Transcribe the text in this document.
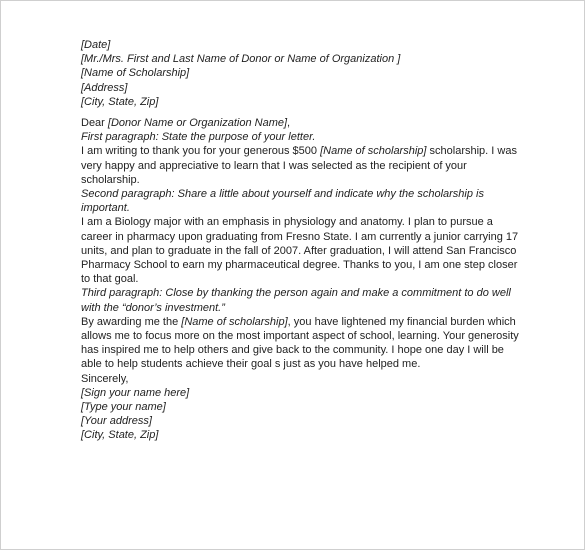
[Date]

[Mr./Mrs. First and Last Name of Donor or Name of Organization ]

[Name of Scholarship]

[Address]

[City, State, Zip]

Dear [Donor Name or Organization Name],

First paragraph: State the purpose of your letter.

I am writing to thank you for your generous $500 [Name of scholarship] scholarship. I was very happy and appreciative to learn that I was selected as the recipient of your scholarship.

Second paragraph: Share a little about yourself and indicate why the scholarship is important.

I am a Biology major with an emphasis in physiology and anatomy. I plan to pursue a career in pharmacy upon graduating from Fresno State. I am currently a junior carrying 17 units, and plan to graduate in the fall of 2007. After graduation, I will attend San Francisco Pharmacy School to earn my pharmaceutical degree. Thanks to you, I am one step closer to that goal.

Third paragraph: Close by thanking the person again and make a commitment to do well with the “donor’s investment.”

By awarding me the [Name of scholarship], you have lightened my financial burden which allows me to focus more on the most important aspect of school, learning. Your generosity has inspired me to help others and give back to the community. I hope one day I will be able to help students achieve their goal s just as you have helped me.

Sincerely,

[Sign your name here]

[Type your name]

[Your address]

[City, State, Zip]
